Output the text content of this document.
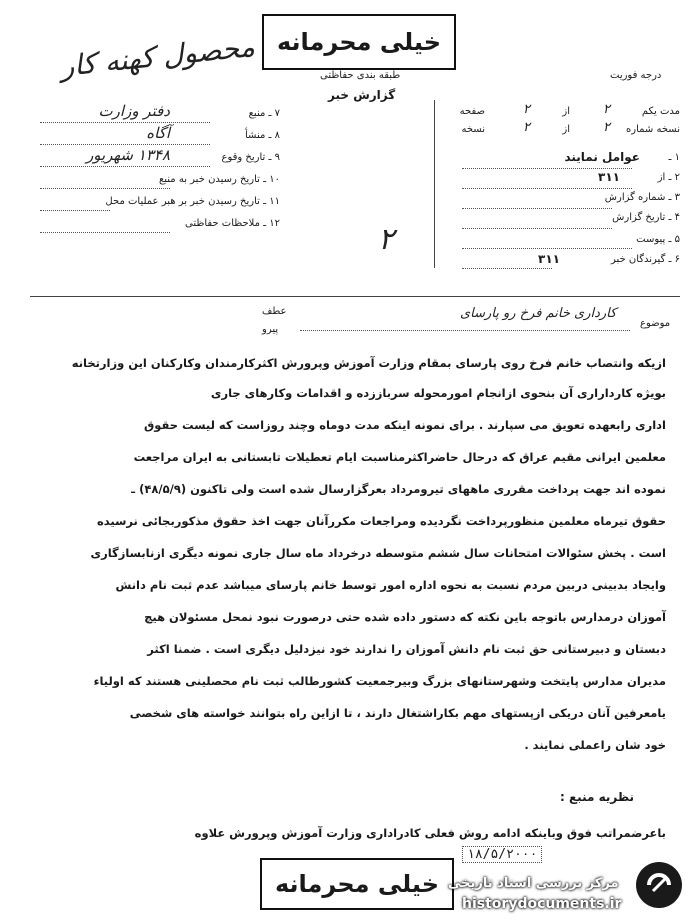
خیلی محرمانه
طبقه بندی حفاظتی
گزارش خبر
درجه فوریت
محصول کهنه کار
۷ ـ منبع
دفتر وزارت
۸ ـ منشأ
آگاه
۹ ـ تاریخ وقوع
۱۳۴۸ شهریور
۱۰ ـ تاریخ رسیدن خبر به منبع
۱۱ ـ تاریخ رسیدن خبر بر هبر عملیات محل
۱۲ ـ ملاحظات حفاظتی	۲
مدت یکم
۲
از
۲
صفحه
نسخه شماره
۲
از
۲
نسخه
۱ ـ
عوامل نمایند
۲ ـ از
۳۱۱
۳ ـ شماره گزارش
۴ ـ تاریخ گزارش
۵ ـ پیوست
۶ ـ گیرندگان خبر
۳۱۱
عطف
پیرو
موضوع
کارداری خانم فرخ رو پارسای
ازیکه وانتصاب خانم فرخ روی پارسای بمقام وزارت آموزش وپرورش اکثرکارمندان وکارکنان این وزارتخانه
بویژه کارداراری آن بنحوی ازانجام امورمحوله سرباززده و اقدامات وکارهای جاری
اداری رابعهده تعویق می سپارند . برای نمونه اینکه مدت دوماه وچند روزاست که لیست حقوق
معلمین ایرانی مقیم عراق که درحال حاضراکثرمناسبت ایام تعطیلات تابستانی به ایران مراجعت
نموده اند جهت پرداخت مقرری ماههای تیرومرداد بعرگزارسال شده است ولی تاکنون (۴۸/۵/۹) ـ
حقوق تیرماه معلمین منظورپرداخت نگردیده ومراجعات مکررآنان جهت اخذ حقوق مذکوربجائی نرسیده
است . پخش سئوالات امتحانات سال ششم متوسطه درخرداد ماه سال جاری نمونه دیگری ازنابسازگاری
وایجاد بدبینی دربین مردم نسبت به نحوه اداره امور توسط خانم پارسای میباشد عدم ثبت نام دانش
آموزان درمدارس باتوجه باین نکته که دستور داده شده حتی درصورت نبود نمحل مسئولان هیچ
دبستان و دبیرستانی حق ثبت نام دانش آموزان را ندارند خود نیزدلیل دیگری است . ضمنا اکثر
مدیران مدارس پایتخت وشهرستانهای بزرگ وبیرجمعیت کشورطالب ثبت نام محصلینی هستند که اولیاء
یامعرفین آنان دریکی ازپستهای مهم بکاراشتغال دارند ، تا ازاین راه بتوانند خواسته های شخصی
خود شان راعملی نمایند .
نظریه منبع :
باعرضمراتب فوق وباینکه ادامه روش فعلی کادراداری وزارت آموزش وپرورش علاوه
خیلی محرمانه
۱۸/۵/۲۰۰۰
مرکز بررسی اسناد تاریخی
historydocuments.ir
